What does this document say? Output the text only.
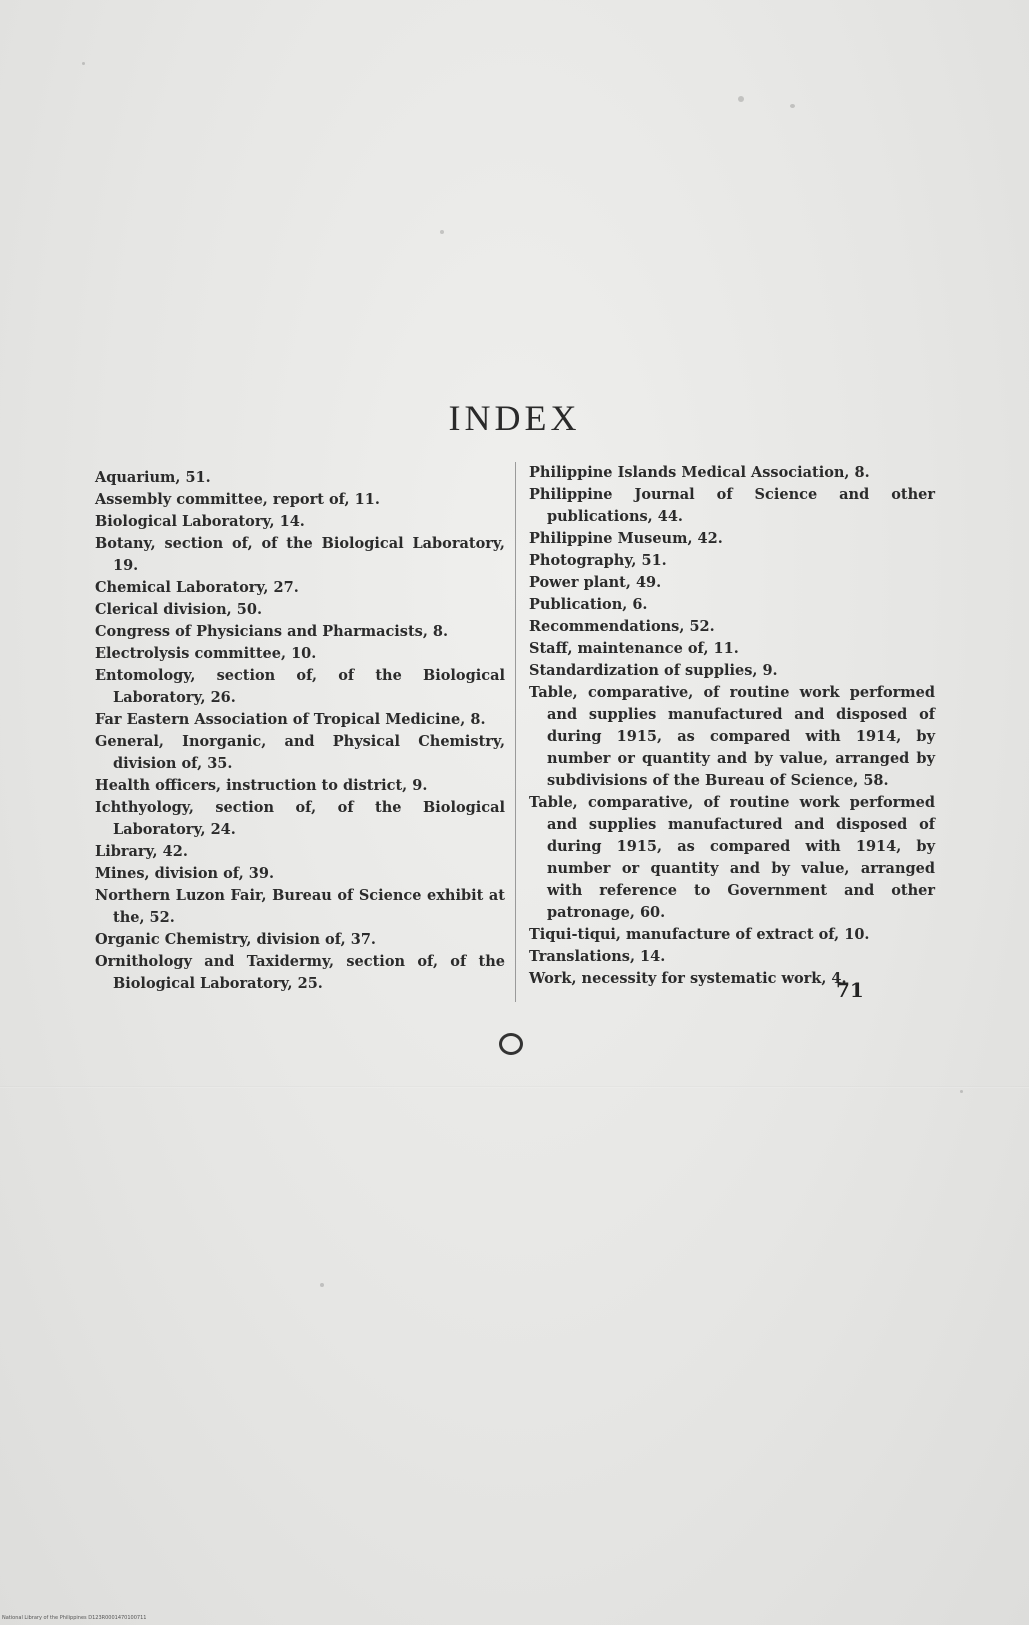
INDEX

Aquarium, 51.

Assembly committee, report of, 11.

Biological Laboratory, 14.

Botany, section of, of the Biological Laboratory, 19.

Chemical Laboratory, 27.

Clerical division, 50.

Congress of Physicians and Pharmacists, 8.

Electrolysis committee, 10.

Entomology, section of, of the Biological Laboratory, 26.

Far Eastern Association of Tropical Medicine, 8.

General, Inorganic, and Physical Chemistry, division of, 35.

Health officers, instruction to district, 9.

Ichthyology, section of, of the Biological Laboratory, 24.

Library, 42.

Mines, division of, 39.

Northern Luzon Fair, Bureau of Science exhibit at the, 52.

Organic Chemistry, division of, 37.

Ornithology and Taxidermy, section of, of the Biological Laboratory, 25.

Philippine Islands Medical Association, 8.

Philippine Journal of Science and other publications, 44.

Philippine Museum, 42.

Photography, 51.

Power plant, 49.

Publication, 6.

Recommendations, 52.

Staff, maintenance of, 11.

Standardization of supplies, 9.

Table, comparative, of routine work performed and supplies manufactured and disposed of during 1915, as compared with 1914, by number or quantity and by value, arranged by subdivisions of the Bureau of Science, 58.

Table, comparative, of routine work performed and supplies manufactured and disposed of during 1915, as compared with 1914, by number or quantity and by value, arranged with reference to Government and other patronage, 60.

Tiqui-tiqui, manufacture of extract of, 10.

Translations, 14.

Work, necessity for systematic work, 4.

71
National Library of the Philippines D123R0001470100711
